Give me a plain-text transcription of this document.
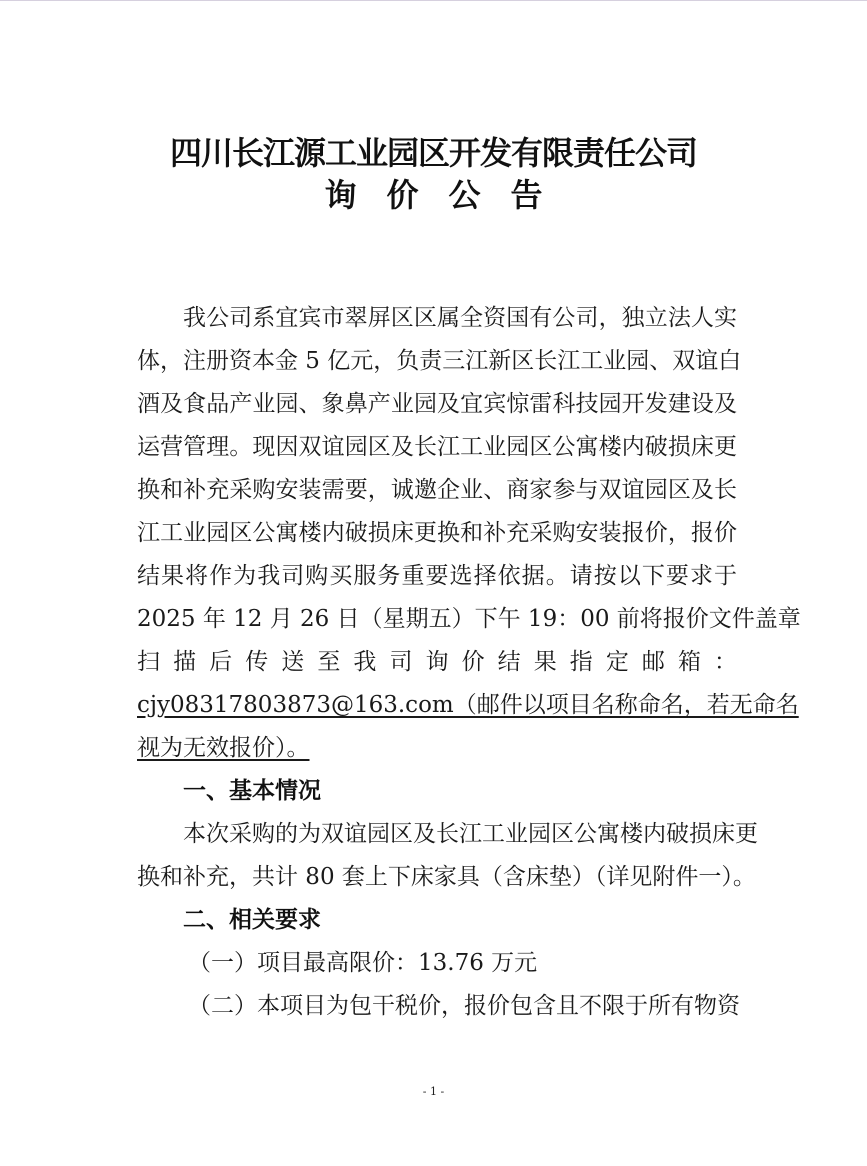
四川长江源工业园区开发有限责任公司
询价公告
我公司系宜宾市翠屏区区属全资国有公司，独立法人实
体，注册资本金 5 亿元，负责三江新区长江工业园、双谊白
酒及食品产业园、象鼻产业园及宜宾惊雷科技园开发建设及
运营管理。现因双谊园区及长江工业园区公寓楼内破损床更
换和补充采购安装需要，诚邀企业、商家参与双谊园区及长
江工业园区公寓楼内破损床更换和补充采购安装报价，报价
结果将作为我司购买服务重要选择依据。请按以下要求于
2025 年 12 月 26 日（星期五）下午 19：00 前将报价文件盖章
扫描后传送至我司询价结果指定邮箱：
cjy08317803873@163.com（邮件以项目名称命名，若无命名
视为无效报价）。
一、基本情况
本次采购的为双谊园区及长江工业园区公寓楼内破损床更
换和补充，共计 80 套上下床家具（含床垫）（详见附件一）。
二、相关要求
（一）项目最高限价：13.76 万元
（二）本项目为包干税价，报价包含且不限于所有物资
- 1 -
